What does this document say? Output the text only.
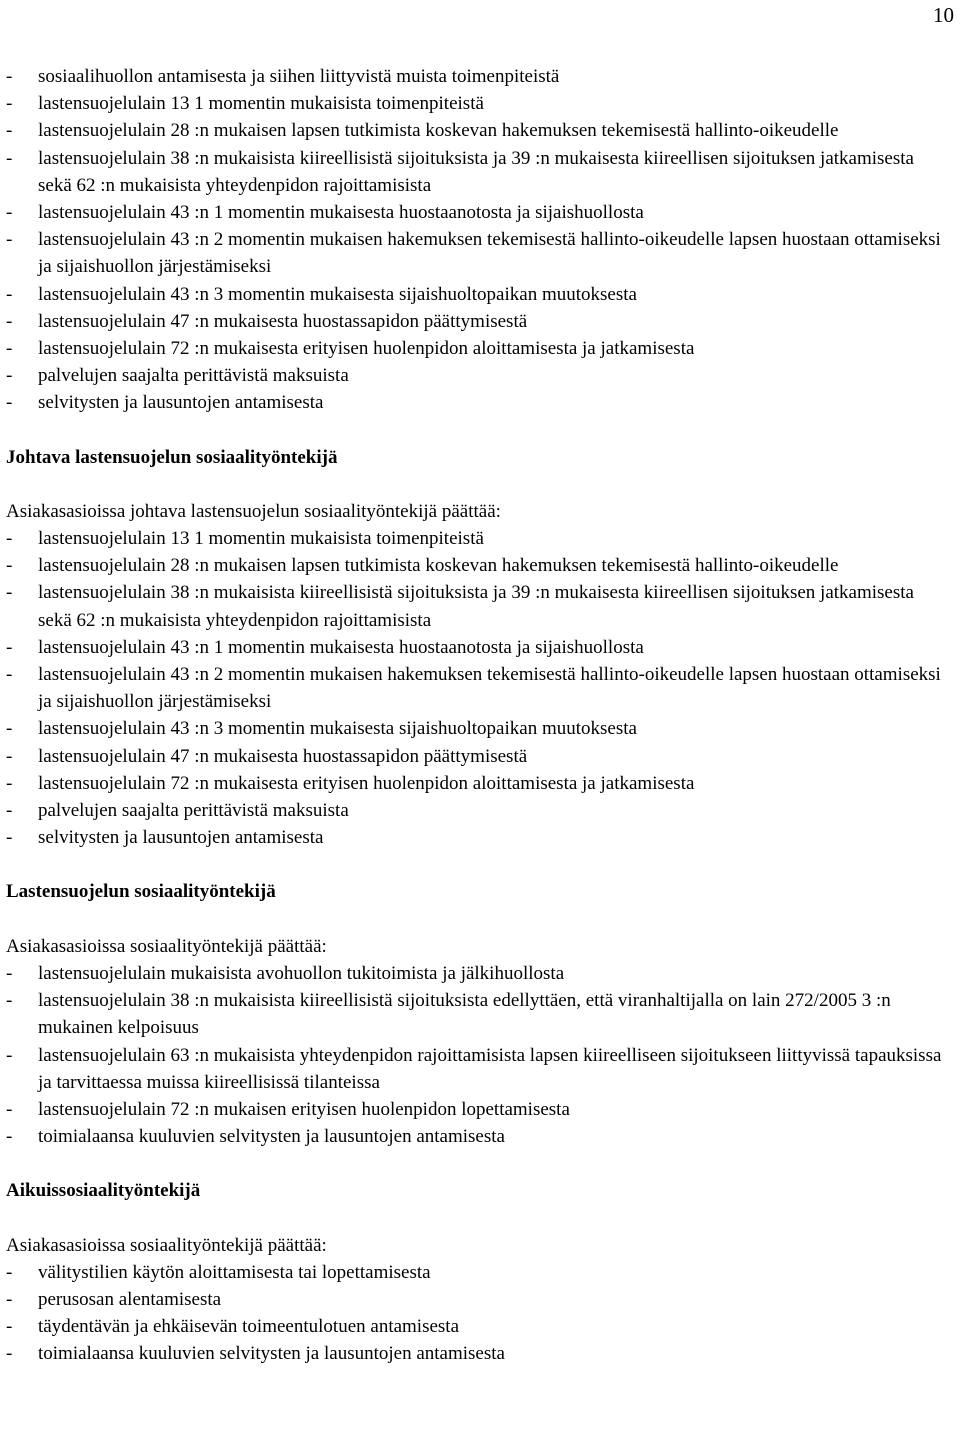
10
- sosiaalihuollon antamisesta ja siihen liittyvistä muista toimenpiteistä
- lastensuojelulain 13 1 momentin mukaisista toimenpiteistä
- lastensuojelulain 28 :n mukaisen lapsen tutkimista koskevan hakemuksen tekemisestä hallinto-oikeudelle
- lastensuojelulain 38 :n mukaisista kiireellisistä sijoituksista ja 39 :n mukaisesta kiireellisen sijoituksen jatkamisesta sekä 62 :n mukaisista yhteydenpidon rajoittamisista
- lastensuojelulain 43 :n 1 momentin mukaisesta huostaanotosta ja sijaishuollosta
- lastensuojelulain 43 :n 2 momentin mukaisen hakemuksen tekemisestä hallinto-oikeudelle lapsen huostaan ottamiseksi ja sijaishuollon järjestämiseksi
- lastensuojelulain 43 :n 3 momentin mukaisesta sijaishuoltopaikan muutoksesta
- lastensuojelulain 47 :n mukaisesta huostassapidon päättymisestä
- lastensuojelulain 72 :n mukaisesta erityisen huolenpidon aloittamisesta ja jatkamisesta
- palvelujen saajalta perittävistä maksuista
- selvitysten ja lausuntojen antamisesta

Johtava lastensuojelun sosiaalityöntekijä

Asiakasasioissa johtava lastensuojelun sosiaalityöntekijä päättää:

- lastensuojelulain 13 1 momentin mukaisista toimenpiteistä
- lastensuojelulain 28 :n mukaisen lapsen tutkimista koskevan hakemuksen tekemisestä hallinto-oikeudelle
- lastensuojelulain 38 :n mukaisista kiireellisistä sijoituksista ja 39 :n mukaisesta kiireellisen sijoituksen jatkamisesta sekä 62 :n mukaisista yhteydenpidon rajoittamisista
- lastensuojelulain 43 :n 1 momentin mukaisesta huostaanotosta ja sijaishuollosta
- lastensuojelulain 43 :n 2 momentin mukaisen hakemuksen tekemisestä hallinto-oikeudelle lapsen huostaan ottamiseksi ja sijaishuollon järjestämiseksi
- lastensuojelulain 43 :n 3 momentin mukaisesta sijaishuoltopaikan muutoksesta
- lastensuojelulain 47 :n mukaisesta huostassapidon päättymisestä
- lastensuojelulain 72 :n mukaisesta erityisen huolenpidon aloittamisesta ja jatkamisesta
- palvelujen saajalta perittävistä maksuista
- selvitysten ja lausuntojen antamisesta

Lastensuojelun sosiaalityöntekijä

Asiakasasioissa sosiaalityöntekijä päättää:

- lastensuojelulain mukaisista avohuollon tukitoimista ja jälkihuollosta
- lastensuojelulain 38 :n mukaisista kiireellisistä sijoituksista edellyttäen, että viranhaltijalla on lain 272/2005 3 :n mukainen kelpoisuus
- lastensuojelulain 63 :n mukaisista yhteydenpidon rajoittamisista lapsen kiireelliseen sijoitukseen liittyvissä tapauksissa ja tarvittaessa muissa kiireellisissä tilanteissa
- lastensuojelulain 72 :n mukaisen erityisen huolenpidon lopettamisesta
- toimialaansa kuuluvien selvitysten ja lausuntojen antamisesta

Aikuissosiaalityöntekijä

Asiakasasioissa sosiaalityöntekijä päättää:

- välitystilien käytön aloittamisesta tai lopettamisesta
- perusosan alentamisesta
- täydentävän ja ehkäisevän toimeentulotuen antamisesta
- toimialaansa kuuluvien selvitysten ja lausuntojen antamisesta
